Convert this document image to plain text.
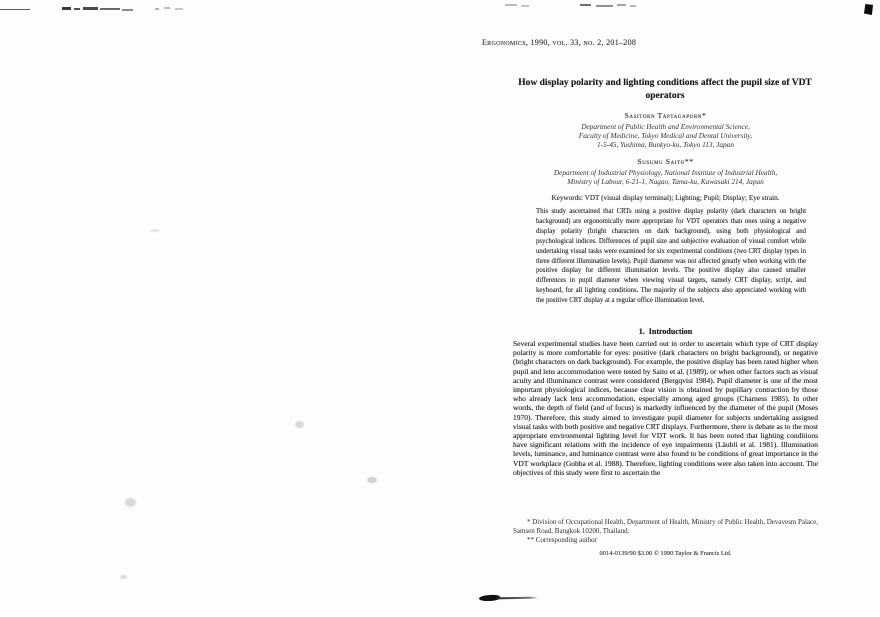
Ergonomics, 1990, vol. 33, no. 2, 201–208
How display polarity and lighting conditions affect the pupil size of VDT operators
Sasitorn Taptagaporn*
Department of Public Health and Environmental Science,
Faculty of Medicine, Tokyo Medical and Dental University,
1-5-45, Yushima, Bunkyo-ku, Tokyo 113, Japan
Susumu Saito**
Department of Industrial Physiology, National Institute of Industrial Health,
Ministry of Labour, 6-21-1, Nagao, Tama-ku, Kawasaki 214, Japan
Keywords: VDT (visual display terminal); Lighting; Pupil; Display; Eye strain.
This study ascertained that CRTs using a positive display polarity (dark characters on bright background) are ergonomically more appropriate for VDT operators than ones using a negative display polarity (bright characters on dark background), using both physiological and psychological indices. Differences of pupil size and subjective evaluation of visual comfort while undertaking visual tasks were examined for six experimental conditions (two CRT display types in three different illumination levels). Pupil diameter was not affected greatly when working with the positive display for different illumination levels. The positive display also caused smaller differences in pupil diameter when viewing visual targets, namely CRT display, script, and keyboard, for all lighting conditions. The majority of the subjects also appreciated working with the positive CRT display at a regular office illumination level.
1.  Introduction
Several experimental studies have been carried out in order to ascertain which type of CRT display polarity is more comfortable for eyes: positive (dark characters on bright background), or negative (bright characters on dark background). For example, the positive display has been rated higher when pupil and lens accommodation were tested by Saito et al. (1989), or when other factors such as visual acuity and illuminance contrast were considered (Bergqvist 1984). Pupil diameter is one of the most important physiological indices, because clear vision is obtained by pupillary contraction by those who already lack lens accommodation, especially among aged groups (Charness 1985). In other words, the depth of field (and of focus) is markedly influenced by the diameter of the pupil (Moses 1970). Therefore, this study aimed to investigate pupil diameter for subjects undertaking assigned visual tasks with both positive and negative CRT displays. Furthermore, there is debate as to the most appropriate environmental lighting level for VDT work. It has been noted that lighting conditions have significant relations with the incidence of eye impairments (Läubli et al. 1981). Illumination levels, luminance, and luminance contrast were also found to be conditions of great importance in the VDT workplace (Gobba et al. 1988). Therefore, lighting conditions were also taken into account. The objectives of this study were first to ascertain the

* Division of Occupational Health, Department of Health, Ministry of Public Health, Devavesm Palace, Samsen Road, Bangkok 10200, Thailand.

** Corresponding author

0014-0139/90 $3.00 © 1990 Taylor & Francis Ltd.
